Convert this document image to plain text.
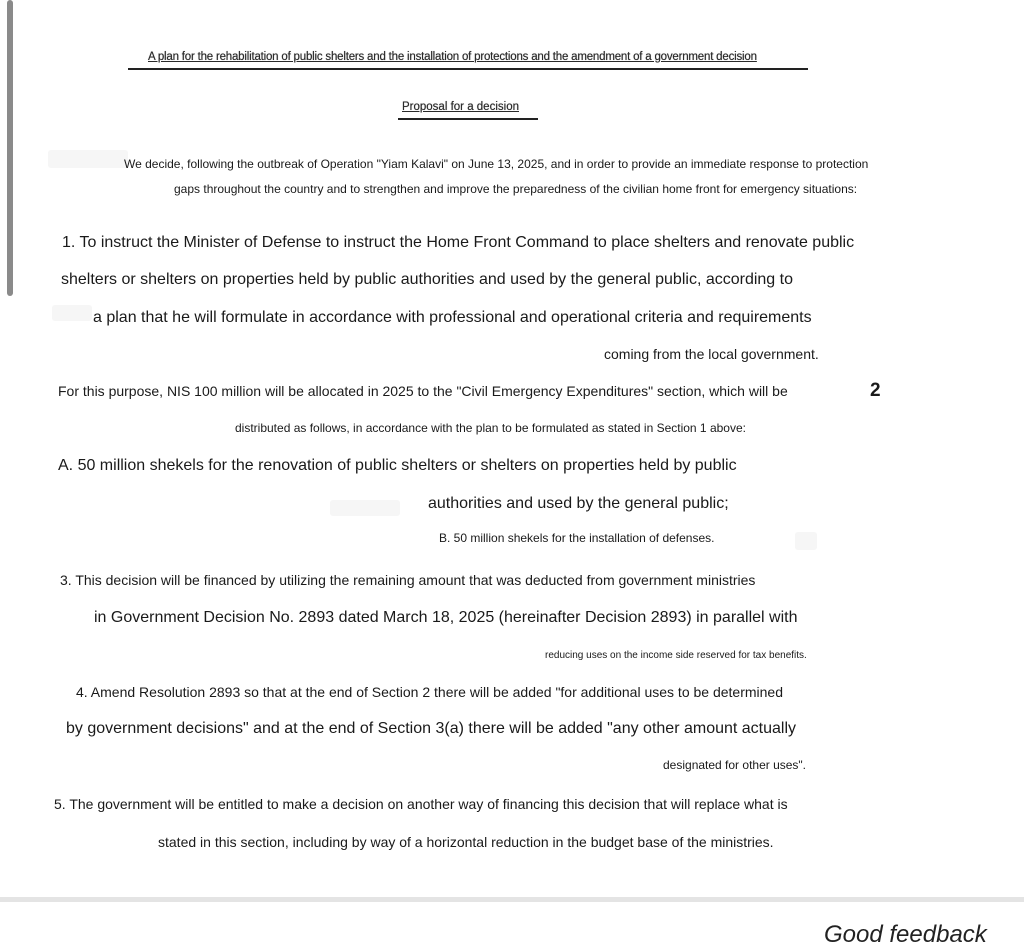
A plan for the rehabilitation of public shelters and the installation of protections and the amendment of a government decision
Proposal for a decision
We decide, following the outbreak of Operation "Yiam Kalavi" on June 13, 2025, and in order to provide an immediate response to protection
gaps throughout the country and to strengthen and improve the preparedness of the civilian home front for emergency situations:
1. To instruct the Minister of Defense to instruct the Home Front Command to place shelters and renovate public
shelters or shelters on properties held by public authorities and used by the general public, according to
a plan that he will formulate in accordance with professional and operational criteria and requirements
coming from the local government.
For this purpose, NIS 100 million will be allocated in 2025 to the "Civil Emergency Expenditures" section, which will be	2
distributed as follows, in accordance with the plan to be formulated as stated in Section 1 above:
A. 50 million shekels for the renovation of public shelters or shelters on properties held by public
authorities and used by the general public;
B. 50 million shekels for the installation of defenses.
3. This decision will be financed by utilizing the remaining amount that was deducted from government ministries
in Government Decision No. 2893 dated March 18, 2025 (hereinafter Decision 2893) in parallel with
reducing uses on the income side reserved for tax benefits.
4. Amend Resolution 2893 so that at the end of Section 2 there will be added "for additional uses to be determined
by government decisions" and at the end of Section 3(a) there will be added "any other amount actually
designated for other uses".
5. The government will be entitled to make a decision on another way of financing this decision that will replace what is
stated in this section, including by way of a horizontal reduction in the budget base of the ministries.
Good feedback
